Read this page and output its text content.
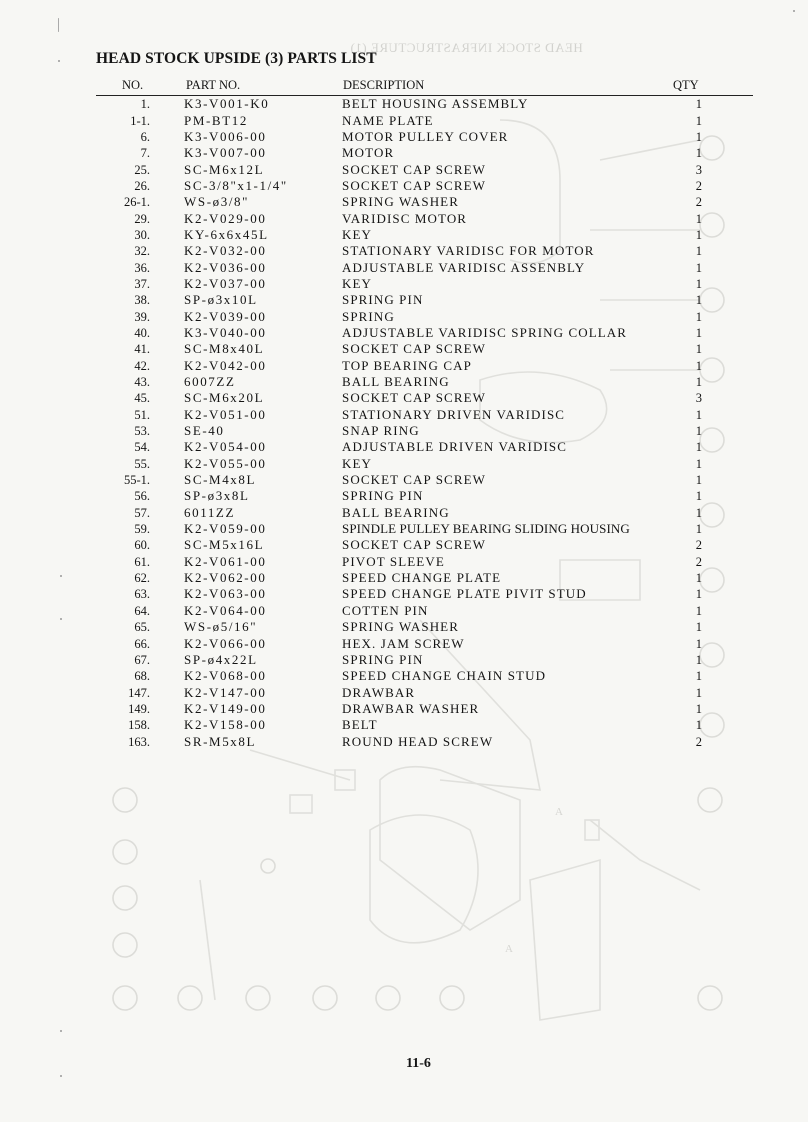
A
A
HEAD STOCK INFRASTRUCTURE (1)
HEAD STOCK UPSIDE (3) PARTS LIST
NO.	PART NO.	DESCRIPTION	QTY
1.	K3-V001-K0	BELT HOUSING ASSEMBLY	1
1-1.	PM-BT12	NAME PLATE	1
6.	K3-V006-00	MOTOR PULLEY COVER	1
7.	K3-V007-00	MOTOR	1
25.	SC-M6x12L	SOCKET CAP SCREW	3
26.	SC-3/8"x1-1/4"	SOCKET CAP SCREW	2
26-1.	WS-ø3/8"	SPRING WASHER	2
29.	K2-V029-00	VARIDISC MOTOR	1
30.	KY-6x6x45L	KEY	1
32.	K2-V032-00	STATIONARY VARIDISC FOR MOTOR	1
36.	K2-V036-00	ADJUSTABLE VARIDISC ASSENBLY	1
37.	K2-V037-00	KEY	1
38.	SP-ø3x10L	SPRING PIN	1
39.	K2-V039-00	SPRING	1
40.	K3-V040-00	ADJUSTABLE VARIDISC SPRING COLLAR	1
41.	SC-M8x40L	SOCKET CAP SCREW	1
42.	K2-V042-00	TOP BEARING CAP	1
43.	6007ZZ	BALL BEARING	1
45.	SC-M6x20L	SOCKET CAP SCREW	3
51.	K2-V051-00	STATIONARY DRIVEN VARIDISC	1
53.	SE-40	SNAP RING	1
54.	K2-V054-00	ADJUSTABLE DRIVEN VARIDISC	1
55.	K2-V055-00	KEY	1
55-1.	SC-M4x8L	SOCKET CAP SCREW	1
56.	SP-ø3x8L	SPRING PIN	1
57.	6011ZZ	BALL BEARING	1
59.	K2-V059-00	SPINDLE PULLEY BEARING SLIDING HOUSING	1
60.	SC-M5x16L	SOCKET CAP SCREW	2
61.	K2-V061-00	PIVOT SLEEVE	2
62.	K2-V062-00	SPEED CHANGE PLATE	1
63.	K2-V063-00	SPEED CHANGE PLATE PIVIT STUD	1
64.	K2-V064-00	COTTEN PIN	1
65.	WS-ø5/16"	SPRING WASHER	1
66.	K2-V066-00	HEX. JAM SCREW	1
67.	SP-ø4x22L	SPRING PIN	1
68.	K2-V068-00	SPEED CHANGE CHAIN STUD	1
147.	K2-V147-00	DRAWBAR	1
149.	K2-V149-00	DRAWBAR WASHER	1
158.	K2-V158-00	BELT	1
163.	SR-M5x8L	ROUND HEAD SCREW	2
11-6
